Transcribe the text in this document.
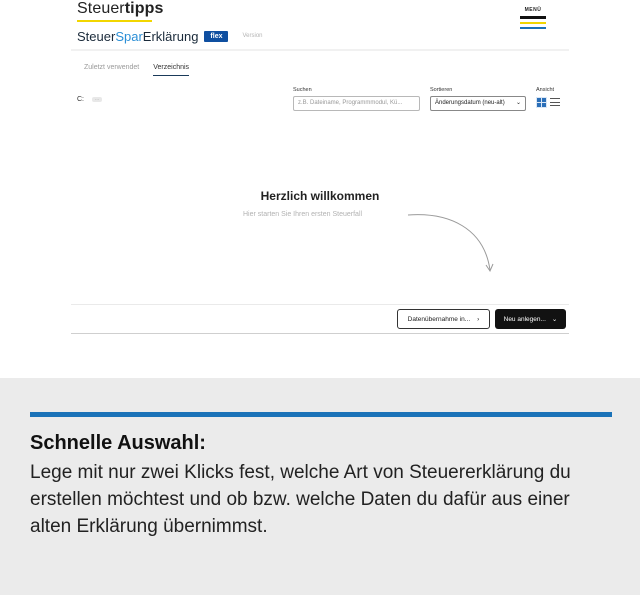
Steuertipps
SteuerSparErklärung	flex	Version
MENÜ
Zuletzt verwendet Verzeichnis
C:	···
Suchen
z.B. Dateiname, Programmmodul, Kü...
Sortieren
Änderungsdatum (neu-alt) ⌄
Ansicht
Herzlich willkommen
Hier starten Sie Ihren ersten Steuerfall
Datenübernahme in... ›	Neu anlegen... ⌄
Schnelle Auswahl:
Lege mit nur zwei Klicks fest, welche Art von Steuererklärung du erstellen möchtest und ob bzw. welche Daten du dafür aus einer alten Erklärung übernimmst.
